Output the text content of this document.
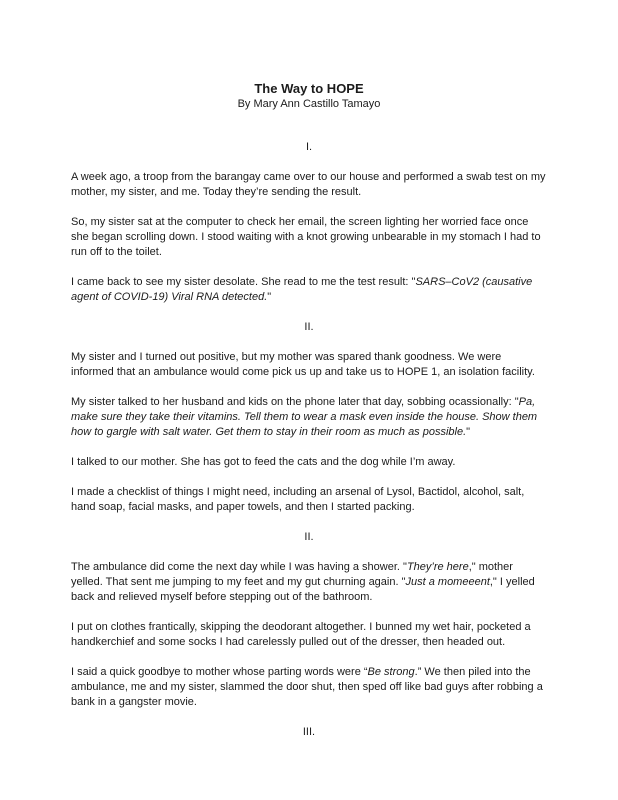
The Way to HOPE
By Mary Ann Castillo Tamayo
I.

A week ago, a troop from the barangay came over to our house and performed a swab test on my mother, my sister, and me. Today they’re sending the result.

So, my sister sat at the computer to check her email, the screen lighting her worried face once she began scrolling down. I stood waiting with a knot growing unbearable in my stomach I had to run off to the toilet.

I came back to see my sister desolate. She read to me the test result: "SARS–CoV2 (causative agent of COVID-19) Viral RNA detected."

II.

My sister and I turned out positive, but my mother was spared thank goodness. We were informed that an ambulance would come pick us up and take us to HOPE 1, an isolation facility.

My sister talked to her husband and kids on the phone later that day, sobbing ocassionally: "Pa, make sure they take their vitamins. Tell them to wear a mask even inside the house. Show them how to gargle with salt water. Get them to stay in their room as much as possible."

I talked to our mother. She has got to feed the cats and the dog while I’m away.

I made a checklist of things I might need, including an arsenal of Lysol, Bactidol, alcohol, salt, hand soap, facial masks, and paper towels, and then I started packing.

II.

The ambulance did come the next day while I was having a shower. "They’re here," mother yelled. That sent me jumping to my feet and my gut churning again. "Just a momeeent," I yelled back and relieved myself before stepping out of the bathroom.

I put on clothes frantically, skipping the deodorant altogether. I bunned my wet hair, pocketed a handkerchief and some socks I had carelessly pulled out of the dresser, then headed out.

I said a quick goodbye to mother whose parting words were “Be strong.” We then piled into the ambulance, me and my sister, slammed the door shut, then sped off like bad guys after robbing a bank in a gangster movie.

III.
